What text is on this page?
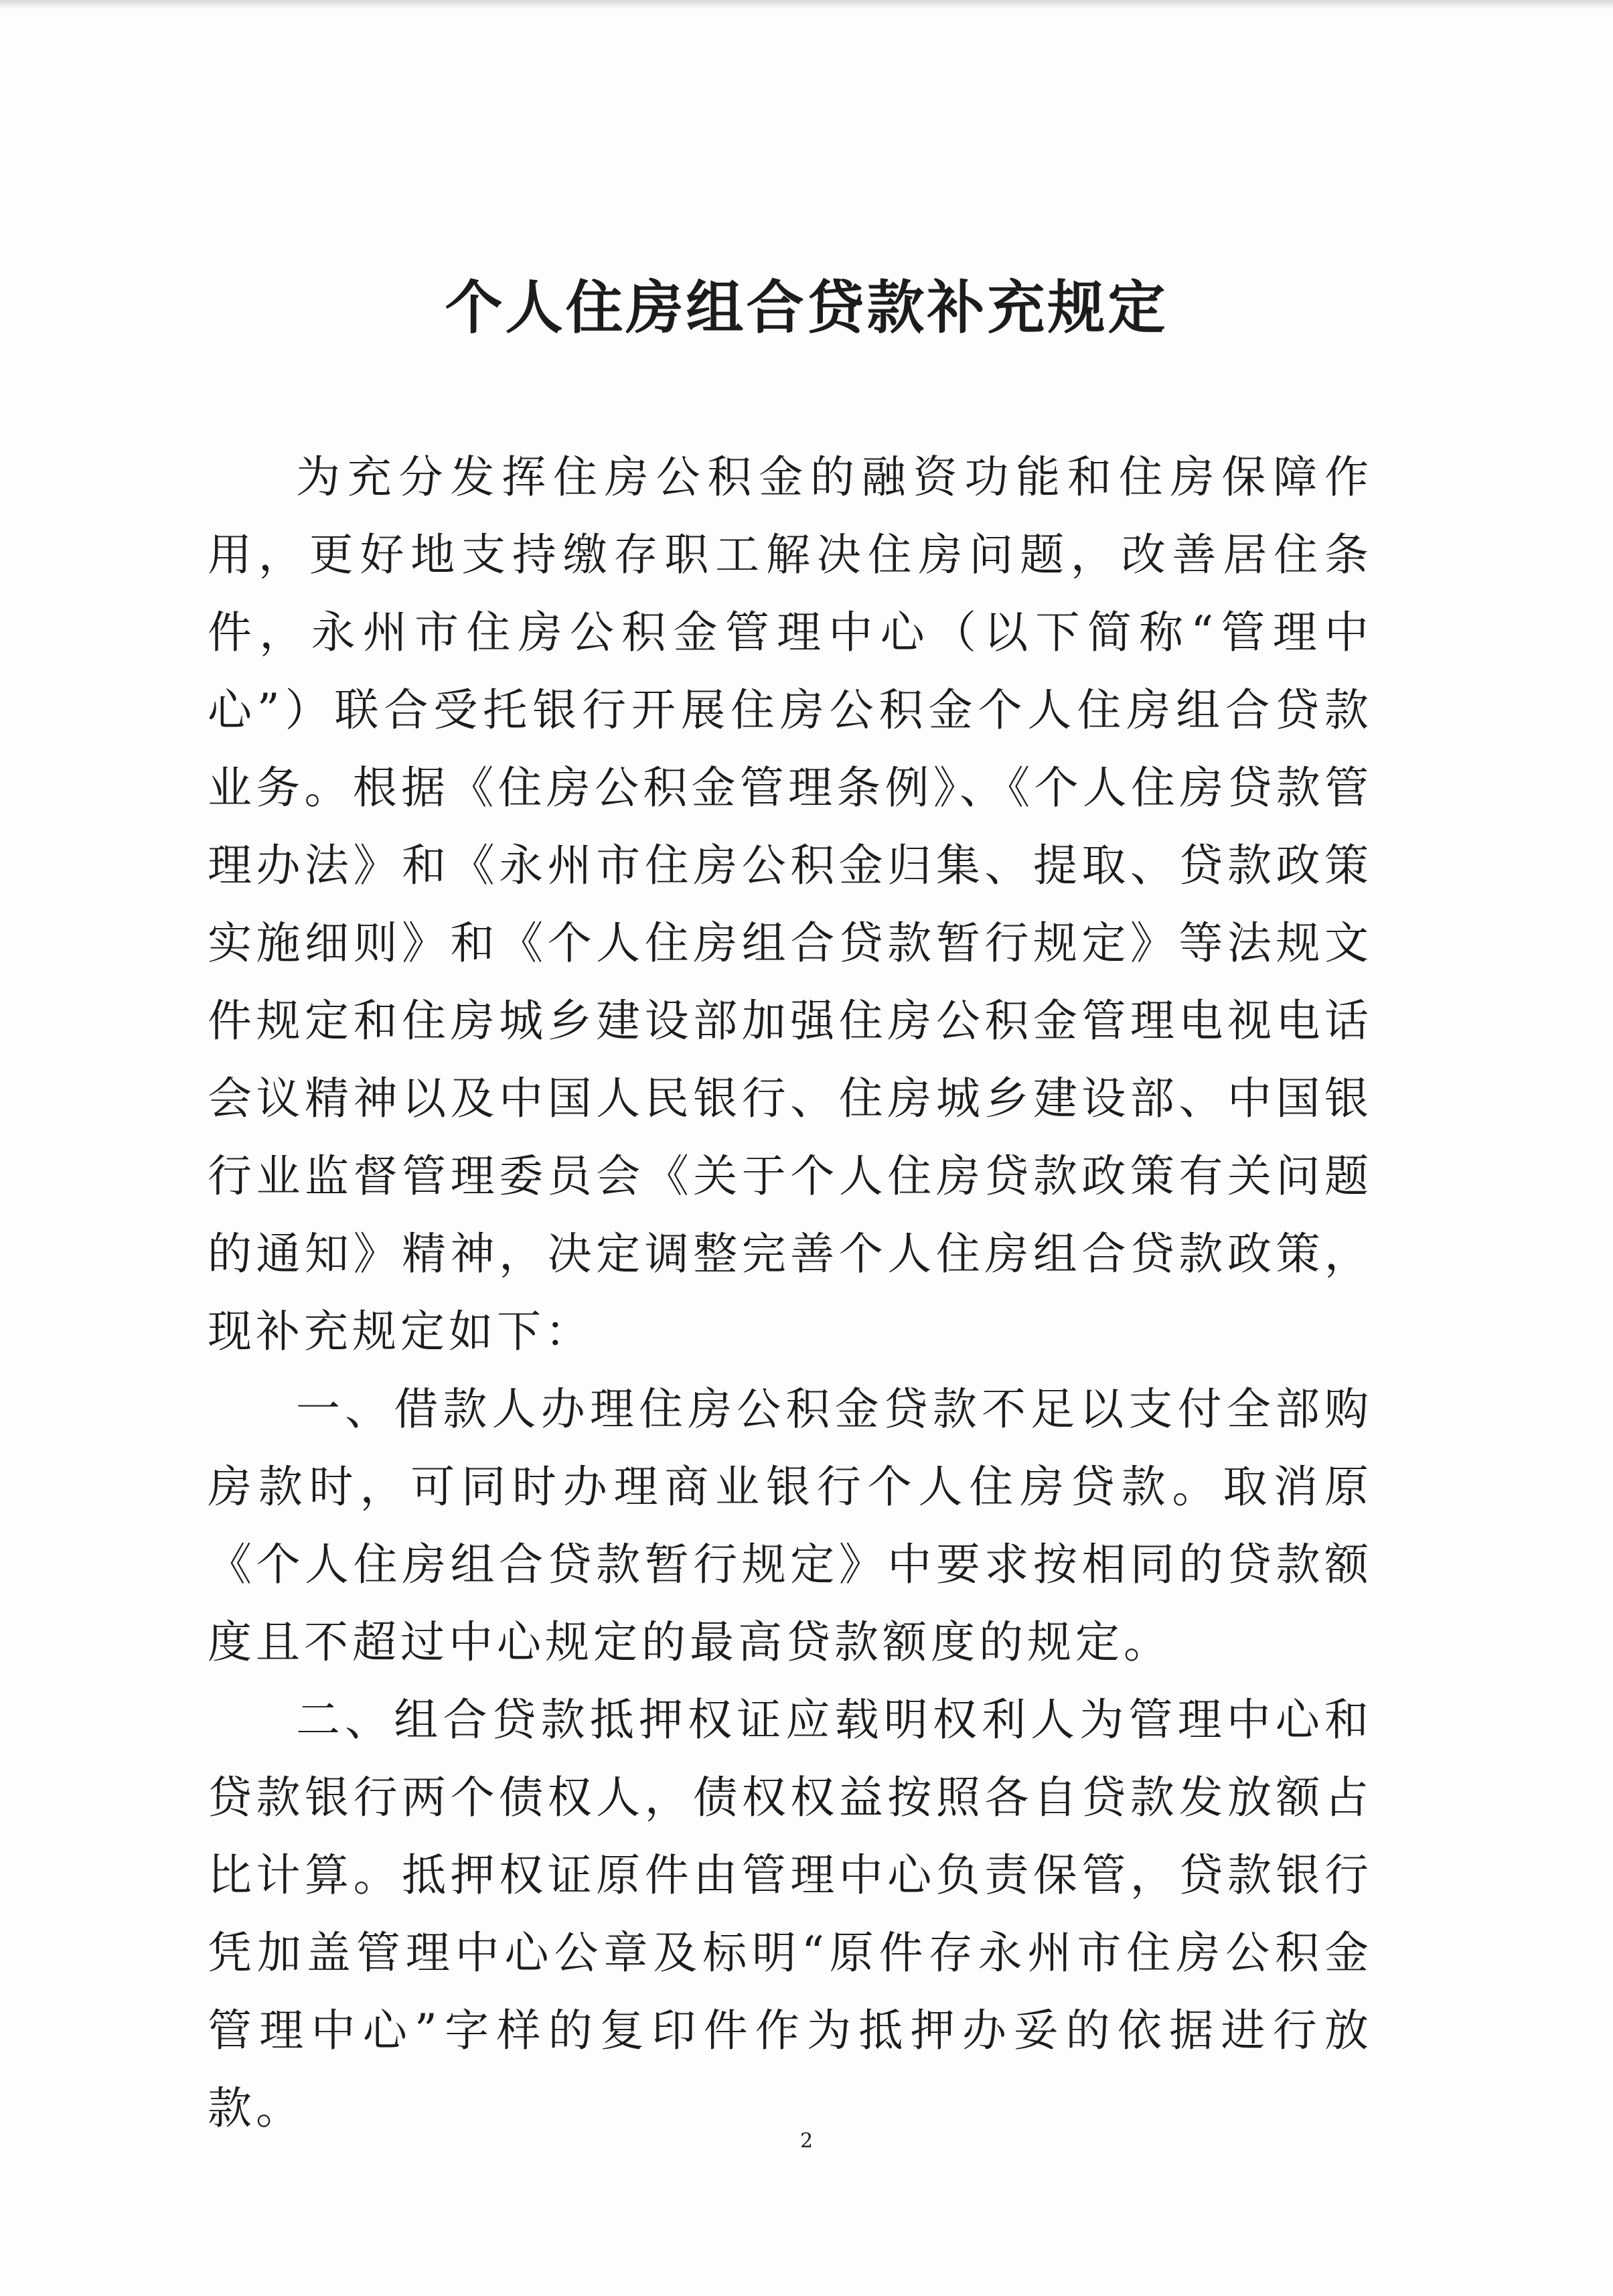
个人住房组合贷款补充规定

为充分发挥住房公积金的融资功能和住房保障作用，更好地支持缴存职工解决住房问题，改善居住条件，永州市住房公积金管理中心（以下简称“管理中心”）联合受托银行开展住房公积金个人住房组合贷款业务。根据《住房公积金管理条例》、《个人住房贷款管理办法》和《永州市住房公积金归集、提取、贷款政策实施细则》和《个人住房组合贷款暂行规定》等法规文件规定和住房城乡建设部加强住房公积金管理电视电话会议精神以及中国人民银行、住房城乡建设部、中国银行业监督管理委员会《关于个人住房贷款政策有关问题的通知》精神，决定调整完善个人住房组合贷款政策，现补充规定如下：

一、借款人办理住房公积金贷款不足以支付全部购房款时，可同时办理商业银行个人住房贷款。取消原《个人住房组合贷款暂行规定》中要求按相同的贷款额度且不超过中心规定的最高贷款额度的规定。

二、组合贷款抵押权证应载明权利人为管理中心和贷款银行两个债权人，债权权益按照各自贷款发放额占比计算。抵押权证原件由管理中心负责保管，贷款银行凭加盖管理中心公章及标明“原件存永州市住房公积金管理中心”字样的复印件作为抵押办妥的依据进行放款。

2
